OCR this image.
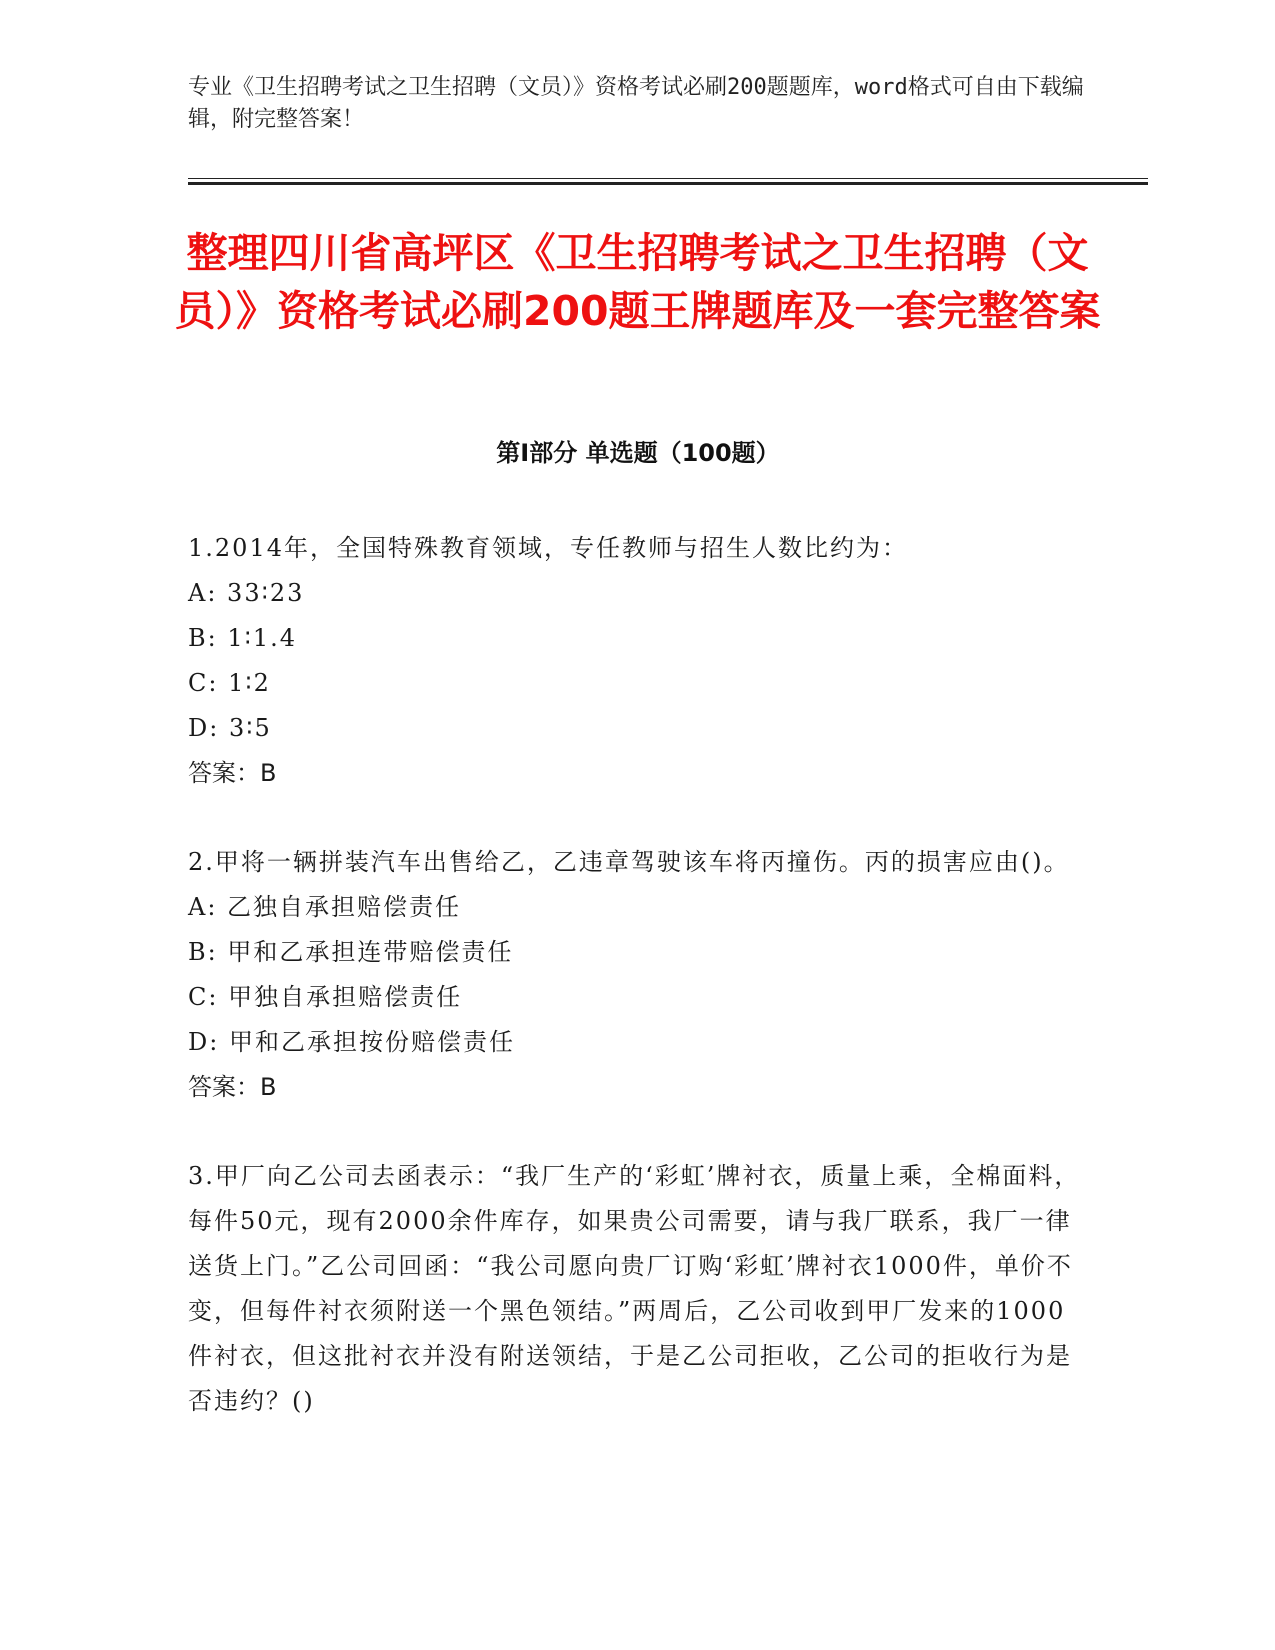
专业《卫生招聘考试之卫生招聘（文员）》资格考试必刷200题题库，word格式可自由下载编辑，附完整答案！

整理四川省高坪区《卫生招聘考试之卫生招聘（文员）》资格考试必刷200题王牌题库及一套完整答案
第Ⅰ部分 单选题（100题）

1.2014年，全国特殊教育领域，专任教师与招生人数比约为：

A: 33∶23

B: 1∶1.4

C: 1∶2

D: 3∶5

答案：B

2.甲将一辆拼装汽车出售给乙，乙违章驾驶该车将丙撞伤。丙的损害应由()。

A: 乙独自承担赔偿责任

B: 甲和乙承担连带赔偿责任

C: 甲独自承担赔偿责任

D: 甲和乙承担按份赔偿责任

答案：B

3.甲厂向乙公司去函表示：“我厂生产的‘彩虹’牌衬衣，质量上乘，全棉面料，每件50元，现有2000余件库存，如果贵公司需要，请与我厂联系，我厂一律送货上门。”乙公司回函：“我公司愿向贵厂订购‘彩虹’牌衬衣1000件，单价不变，但每件衬衣须附送一个黑色领结。”两周后，乙公司收到甲厂发来的1000件衬衣，但这批衬衣并没有附送领结，于是乙公司拒收，乙公司的拒收行为是否违约？()
